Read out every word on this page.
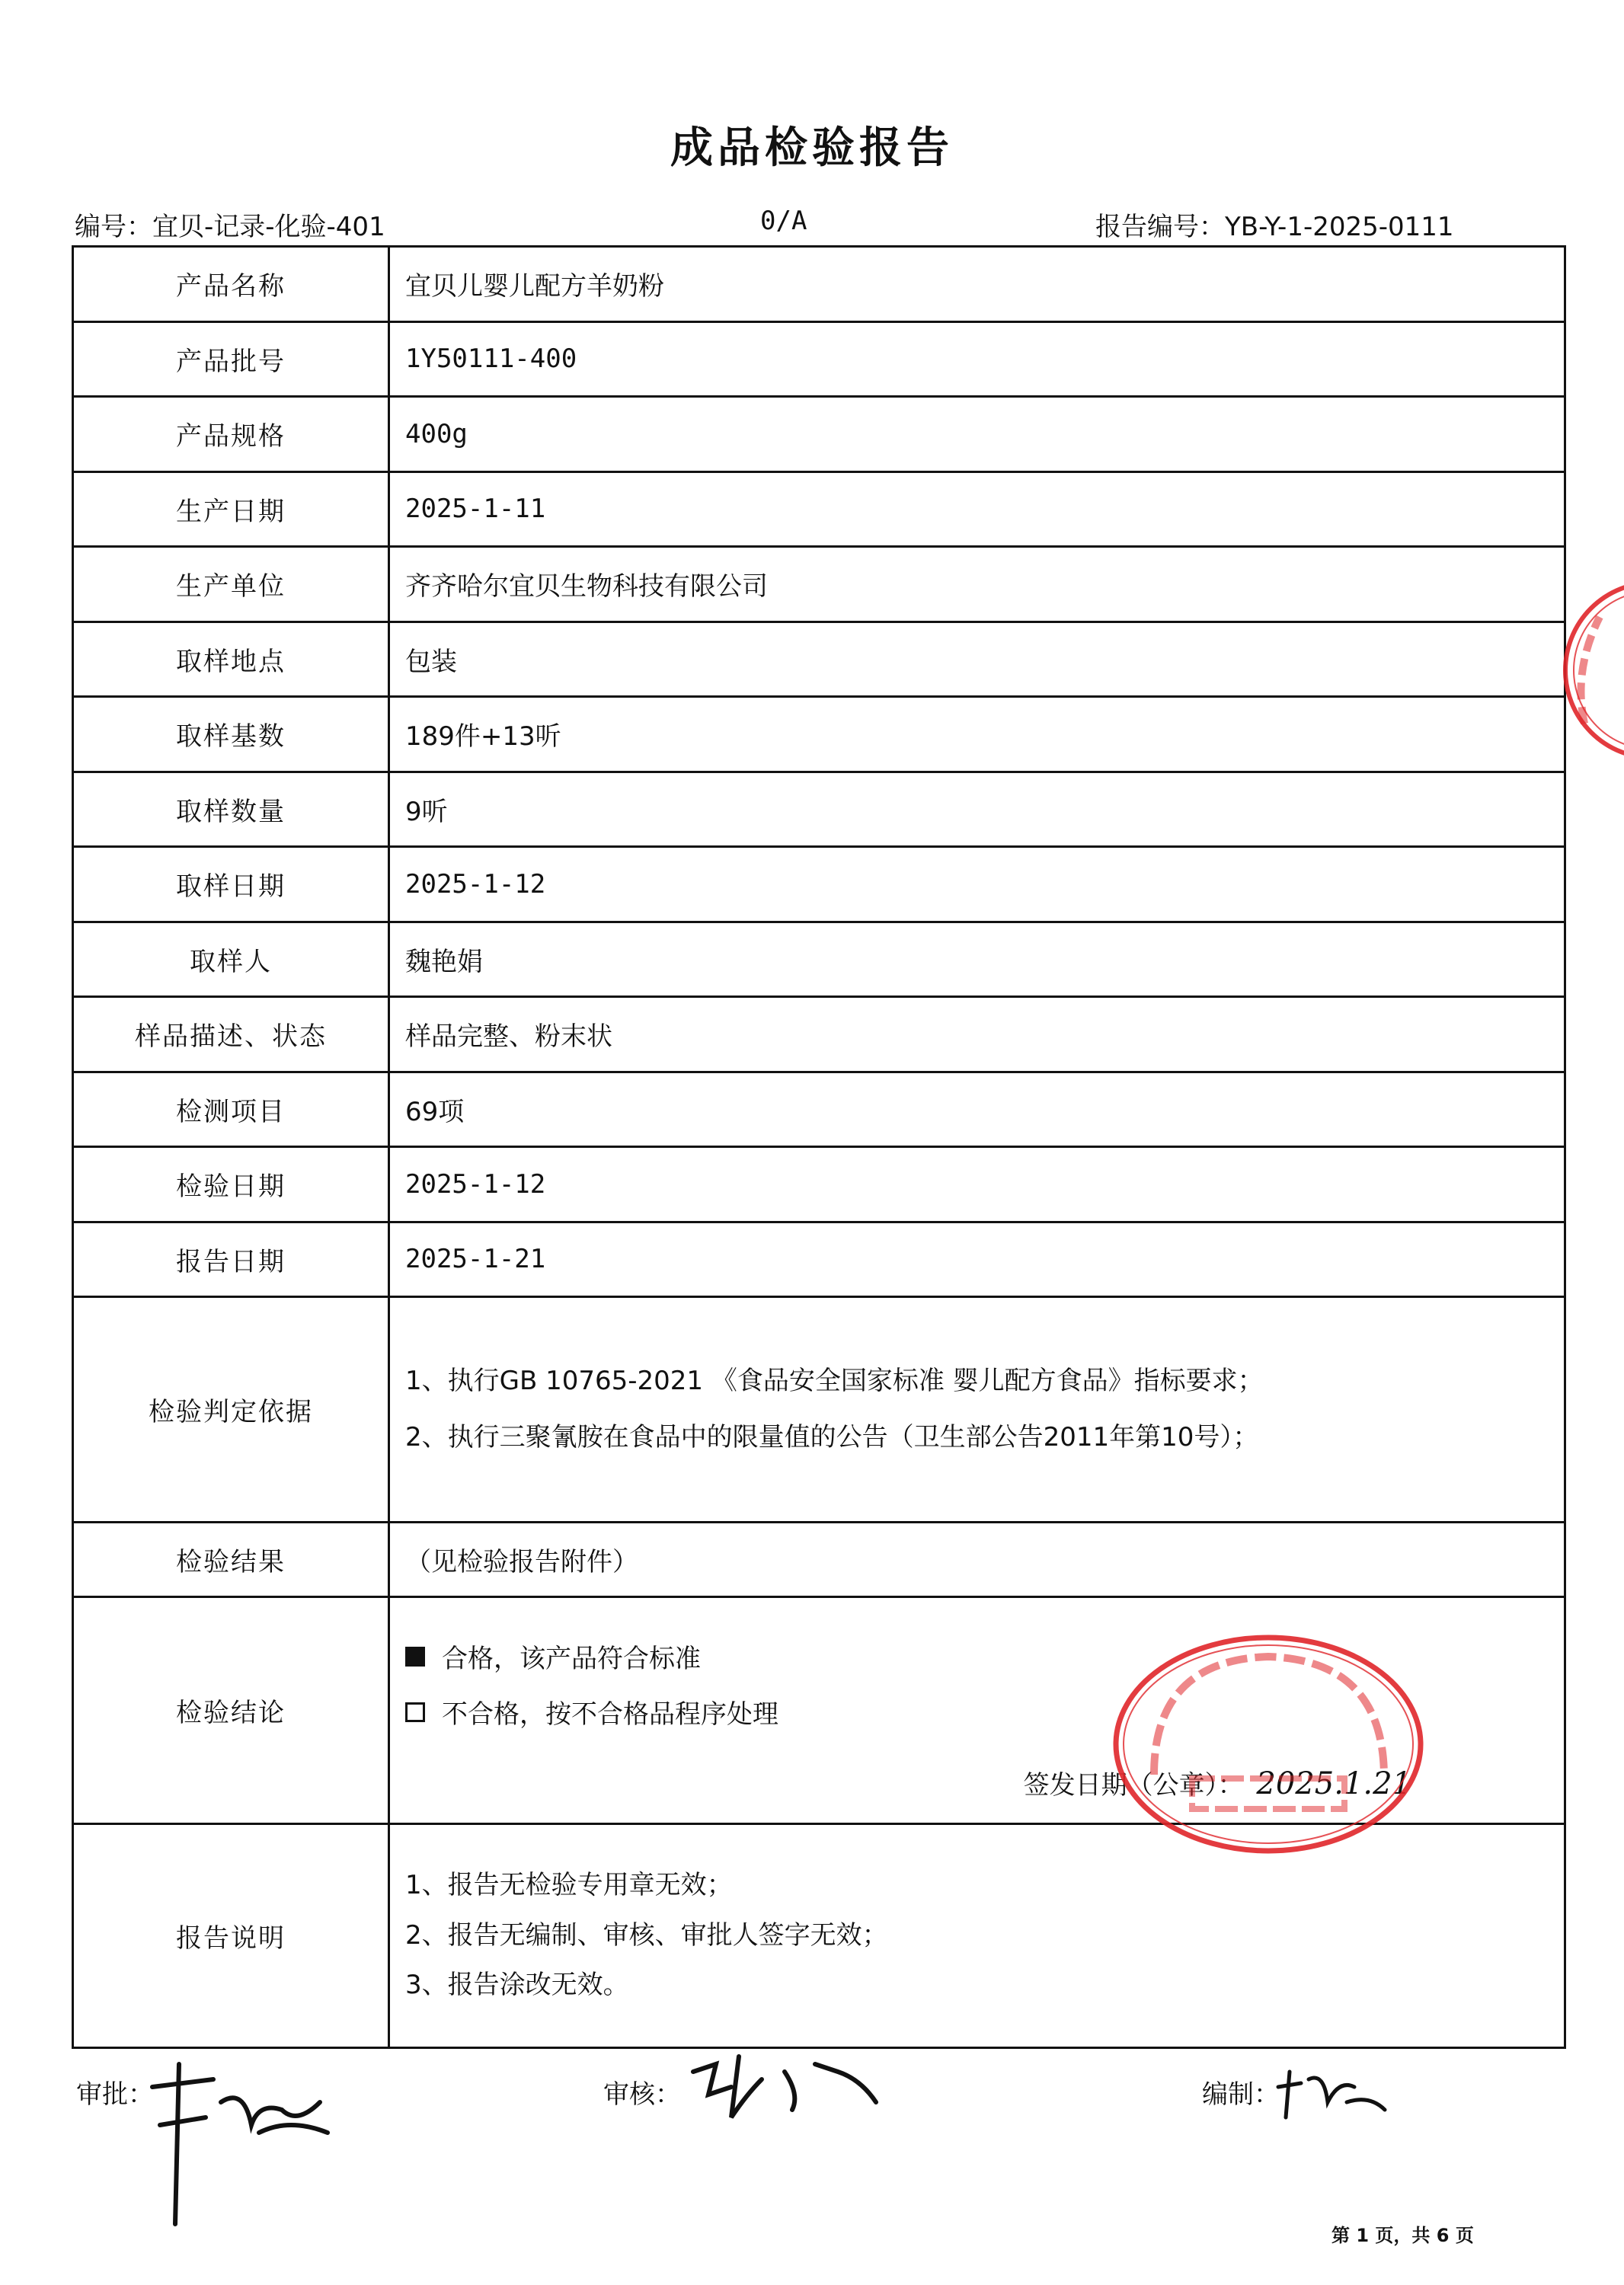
成品检验报告
编号：宜贝-记录-化验-401	0/A	报告编号：YB-Y-1-2025-0111
产品名称	宜贝儿婴儿配方羊奶粉
产品批号	1Y50111-400
产品规格	400g
生产日期	2025-1-11
生产单位	齐齐哈尔宜贝生物科技有限公司
取样地点	包装
取样基数	189件+13听
取样数量	9听
取样日期	2025-1-12
取样人	魏艳娟
样品描述、状态	样品完整、粉末状
检测项目	69项
检验日期	2025-1-12
报告日期	2025-1-21
检验判定依据	1、执行GB 10765-2021 《食品安全国家标准 婴儿配方食品》指标要求；
2、执行三聚氰胺在食品中的限量值的公告（卫生部公告2011年第10号）；

检验结果	（见检验报告附件）
检验结论	合格，该产品符合标准
不合格，按不合格品程序处理
签发日期（公章）： 2025.1.21

报告说明	1、报告无检验专用章无效；
2、报告无编制、审核、审批人签字无效；
3、报告涂改无效。
审批：	审核：	编制：
第 1 页，共 6 页
